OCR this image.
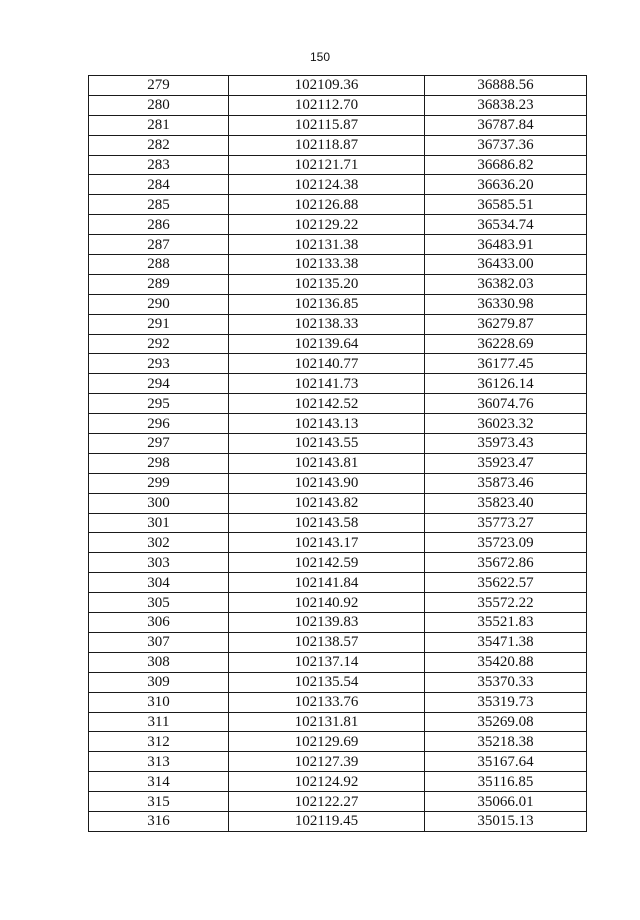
150
279	102109.36	36888.56
280	102112.70	36838.23
281	102115.87	36787.84
282	102118.87	36737.36
283	102121.71	36686.82
284	102124.38	36636.20
285	102126.88	36585.51
286	102129.22	36534.74
287	102131.38	36483.91
288	102133.38	36433.00
289	102135.20	36382.03
290	102136.85	36330.98
291	102138.33	36279.87
292	102139.64	36228.69
293	102140.77	36177.45
294	102141.73	36126.14
295	102142.52	36074.76
296	102143.13	36023.32
297	102143.55	35973.43
298	102143.81	35923.47
299	102143.90	35873.46
300	102143.82	35823.40
301	102143.58	35773.27
302	102143.17	35723.09
303	102142.59	35672.86
304	102141.84	35622.57
305	102140.92	35572.22
306	102139.83	35521.83
307	102138.57	35471.38
308	102137.14	35420.88
309	102135.54	35370.33
310	102133.76	35319.73
311	102131.81	35269.08
312	102129.69	35218.38
313	102127.39	35167.64
314	102124.92	35116.85
315	102122.27	35066.01
316	102119.45	35015.13
